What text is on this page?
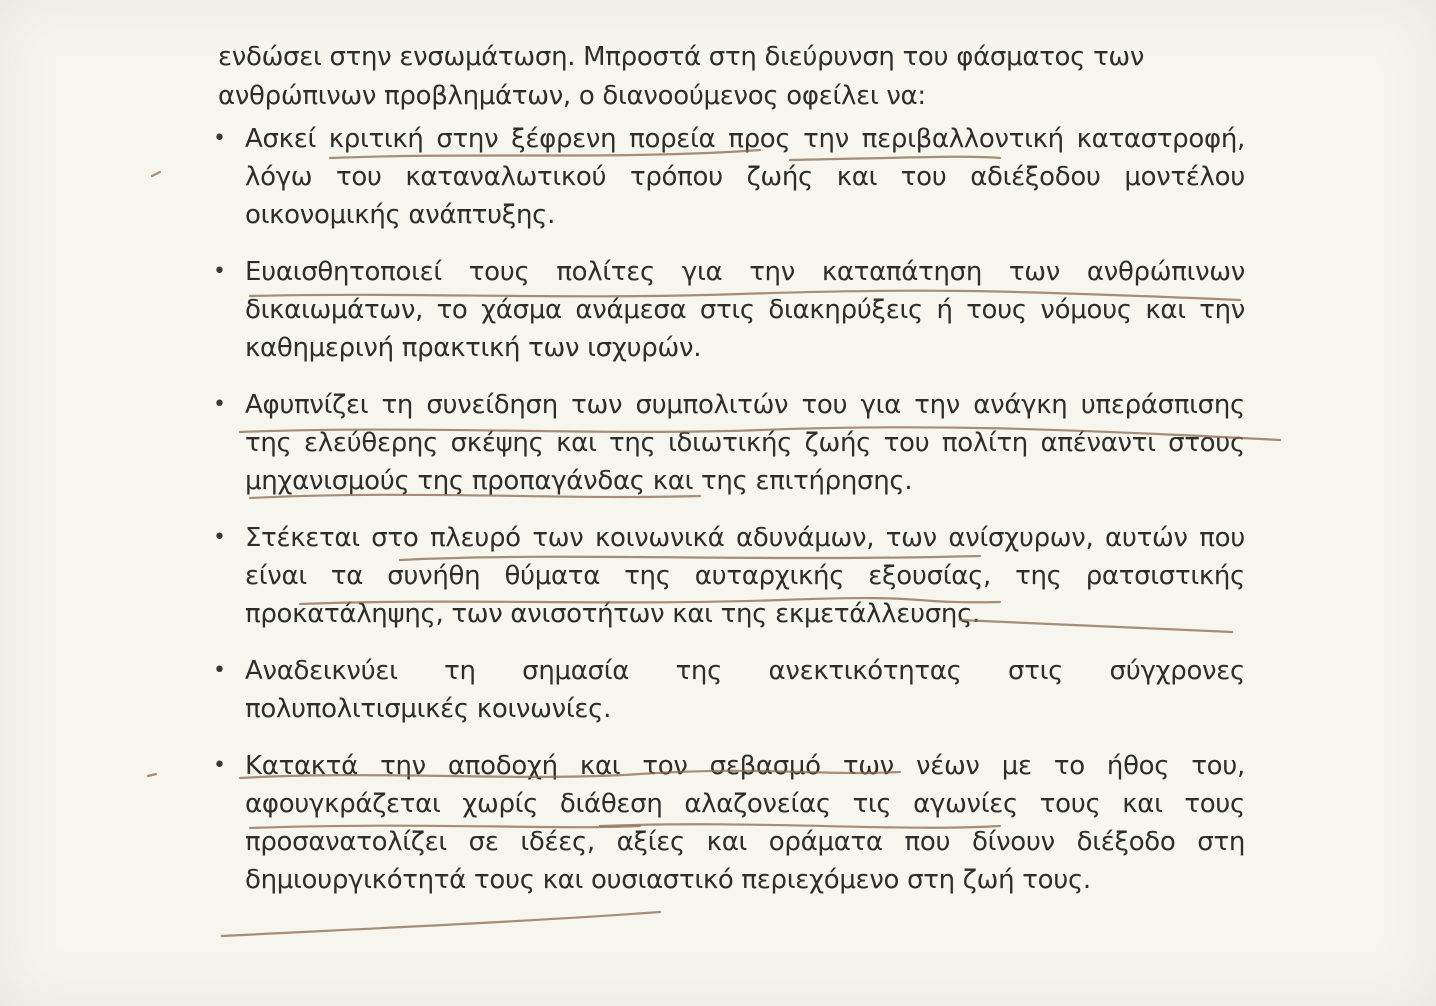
ενδώσει στην ενσωμάτωση. Μπροστά στη διεύρυνση του φάσματος των ανθρώπινων προβλημάτων, ο διανοούμενος οφείλει να:

• Ασκεί κριτική στην ξέφρενη πορεία προς την περιβαλλοντική καταστροφή, λόγω του καταναλωτικού τρόπου ζωής και του αδιέξοδου μοντέλου οικονομικής ανάπτυξης.
• Ευαισθητοποιεί τους πολίτες για την καταπάτηση των ανθρώπινων δικαιωμάτων, το χάσμα ανάμεσα στις διακηρύξεις ή τους νόμους και την καθημερινή πρακτική των ισχυρών.
• Αφυπνίζει τη συνείδηση των συμπολιτών του για την ανάγκη υπεράσπισης της ελεύθερης σκέψης και της ιδιωτικής ζωής του πολίτη απέναντι στους μηχανισμούς της προπαγάνδας και της επιτήρησης.
• Στέκεται στο πλευρό των κοινωνικά αδυνάμων, των ανίσχυρων, αυτών που είναι τα συνήθη θύματα της αυταρχικής εξουσίας, της ρατσιστικής προκατάληψης, των ανισοτήτων και της εκμετάλλευσης.
• Αναδεικνύει τη σημασία της ανεκτικότητας στις σύγχρονες πολυπολιτισμικές κοινωνίες.
• Κατακτά την αποδοχή και τον σεβασμό των νέων με το ήθος του, αφουγκράζεται χωρίς διάθεση αλαζονείας τις αγωνίες τους και τους προσανατολίζει σε ιδέες, αξίες και οράματα που δίνουν διέξοδο στη δημιουργικότητά τους και ουσιαστικό περιεχόμενο στη ζωή τους.
